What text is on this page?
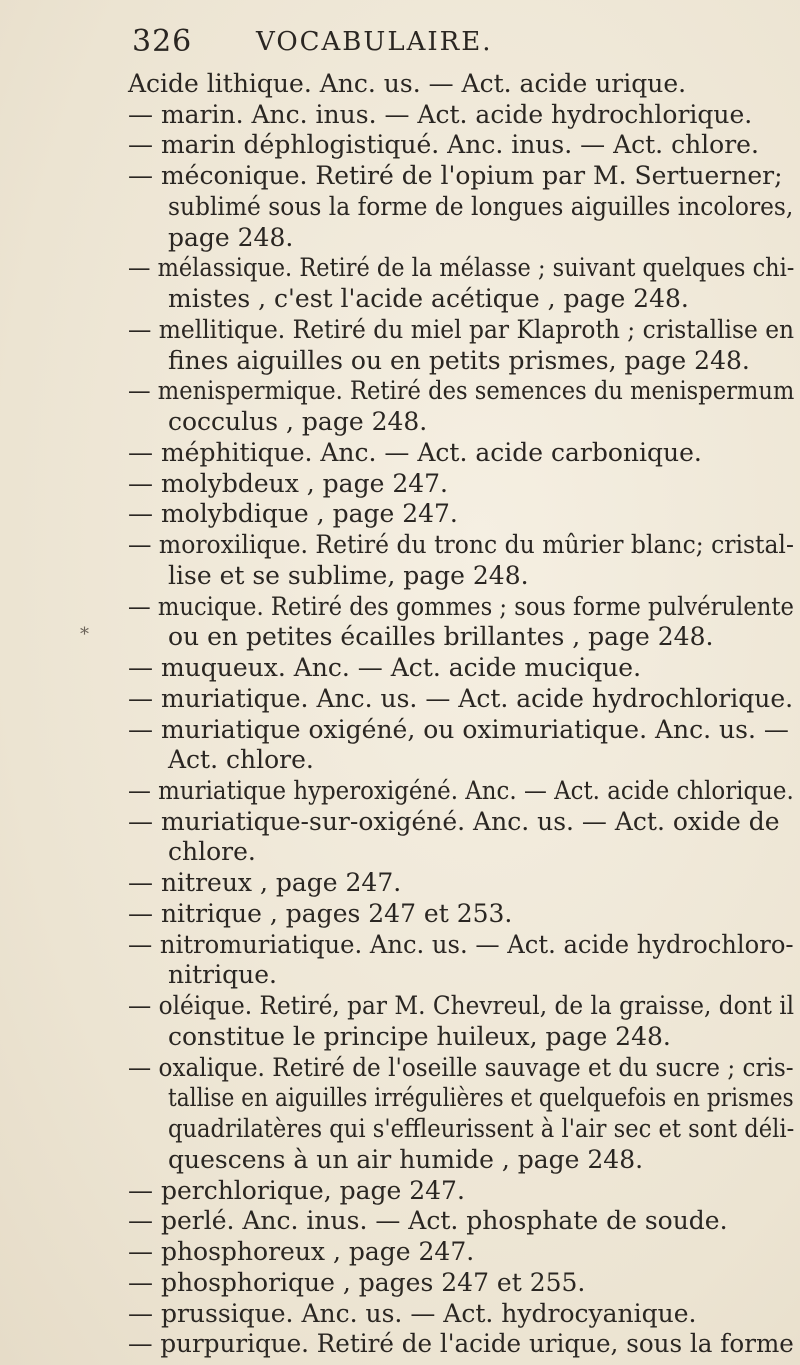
326 VOCABULAIRE.
*
Acide lithique. Anc. us. — Act. acide urique.
— marin. Anc. inus. — Act. acide hydrochlorique.
— marin déphlogistiqué. Anc. inus. — Act. chlore.
— méconique. Retiré de l'opium par M. Sertuerner;
sublimé sous la forme de longues aiguilles incolores,
page 248.
— mélassique. Retiré de la mélasse ; suivant quelques chi-
mistes , c'est l'acide acétique , page 248.
— mellitique. Retiré du miel par Klaproth ; cristallise en
fines aiguilles ou en petits prismes, page 248.
— menispermique. Retiré des semences du menispermum
cocculus , page 248.
— méphitique. Anc. — Act. acide carbonique.
— molybdeux , page 247.
— molybdique , page 247.
— moroxilique. Retiré du tronc du mûrier blanc; cristal-
lise et se sublime, page 248.
— mucique. Retiré des gommes ; sous forme pulvérulente
ou en petites écailles brillantes , page 248.
— muqueux. Anc. — Act. acide mucique.
— muriatique. Anc. us. — Act. acide hydrochlorique.
— muriatique oxigéné, ou oximuriatique. Anc. us. —
Act. chlore.
— muriatique hyperoxigéné. Anc. — Act. acide chlorique.
— muriatique-sur-oxigéné. Anc. us. — Act. oxide de
chlore.
— nitreux , page 247.
— nitrique , pages 247 et 253.
— nitromuriatique. Anc. us. — Act. acide hydrochloro-
nitrique.
— oléique. Retiré, par M. Chevreul, de la graisse, dont il
constitue le principe huileux, page 248.
— oxalique. Retiré de l'oseille sauvage et du sucre ; cris-
tallise en aiguilles irrégulières et quelquefois en prismes
quadrilatères qui s'effleurissent à l'air sec et sont déli-
quescens à un air humide , page 248.
— perchlorique, page 247.
— perlé. Anc. inus. — Act. phosphate de soude.
— phosphoreux , page 247.
— phosphorique , pages 247 et 255.
— prussique. Anc. us. — Act. hydrocyanique.
— purpurique. Retiré de l'acide urique, sous la forme
